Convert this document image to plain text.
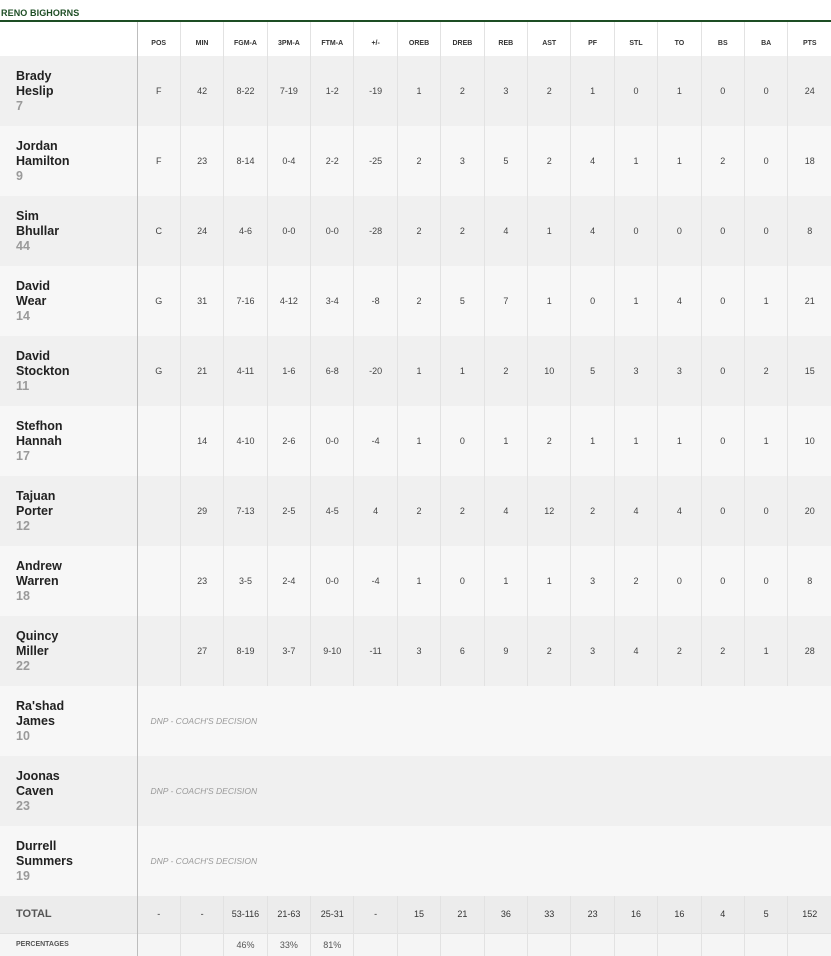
RENO BIGHORNS
	POS	MIN	FGM-A	3PM-A	FTM-A	+/-	OREB	DREB	REB	AST	PF	STL	TO	BS	BA	PTS

Brady
Heslip
7	F	42	8-22	7-19	1-2	-19	1	2	3	2	1	0	1	0	0	24

Jordan
Hamilton
9	F	23	8-14	0-4	2-2	-25	2	3	5	2	4	1	1	2	0	18

Sim
Bhullar
44	C	24	4-6	0-0	0-0	-28	2	2	4	1	4	0	0	0	0	8

David
Wear
14	G	31	7-16	4-12	3-4	-8	2	5	7	1	0	1	4	0	1	21

David
Stockton
11	G	21	4-11	1-6	6-8	-20	1	1	2	10	5	3	3	0	2	15

Stefhon
Hannah
17		14	4-10	2-6	0-0	-4	1	0	1	2	1	1	1	0	1	10

Tajuan
Porter
12		29	7-13	2-5	4-5	4	2	2	4	12	2	4	4	0	0	20

Andrew
Warren
18		23	3-5	2-4	0-0	-4	1	0	1	1	3	2	0	0	0	8

Quincy
Miller
22		27	8-19	3-7	9-10	-11	3	6	9	2	3	4	2	2	1	28

Ra'shad
James
10	DNP - COACH'S DECISION															

Joonas
Caven
23	DNP - COACH'S DECISION															

Durrell
Summers
19	DNP - COACH'S DECISION															
TOTAL	-	-	53-116	21-63	25-31	-	15	21	36	33	23	16	16	4	5	152
PERCENTAGES			46%	33%	81%											
